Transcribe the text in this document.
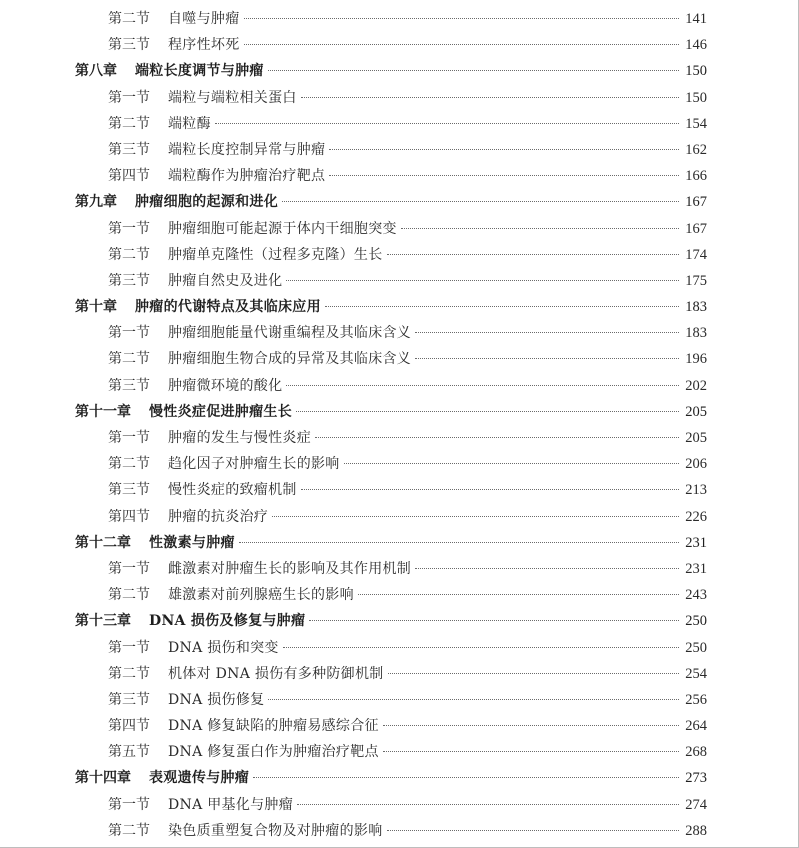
第二节 自噬与肿瘤	141
第三节 程序性坏死	146
第八章 端粒长度调节与肿瘤	150
第一节 端粒与端粒相关蛋白	150
第二节 端粒酶	154
第三节 端粒长度控制异常与肿瘤	162
第四节 端粒酶作为肿瘤治疗靶点	166
第九章 肿瘤细胞的起源和进化	167
第一节 肿瘤细胞可能起源于体内干细胞突变	167
第二节 肿瘤单克隆性（过程多克隆）生长	174
第三节 肿瘤自然史及进化	175
第十章 肿瘤的代谢特点及其临床应用	183
第一节 肿瘤细胞能量代谢重编程及其临床含义	183
第二节 肿瘤细胞生物合成的异常及其临床含义	196
第三节 肿瘤微环境的酸化	202
第十一章 慢性炎症促进肿瘤生长	205
第一节 肿瘤的发生与慢性炎症	205
第二节 趋化因子对肿瘤生长的影响	206
第三节 慢性炎症的致瘤机制	213
第四节 肿瘤的抗炎治疗	226
第十二章 性激素与肿瘤	231
第一节 雌激素对肿瘤生长的影响及其作用机制	231
第二节 雄激素对前列腺癌生长的影响	243
第十三章 DNA 损伤及修复与肿瘤	250
第一节 DNA 损伤和突变	250
第二节 机体对 DNA 损伤有多种防御机制	254
第三节 DNA 损伤修复	256
第四节 DNA 修复缺陷的肿瘤易感综合征	264
第五节 DNA 修复蛋白作为肿瘤治疗靶点	268
第十四章 表观遗传与肿瘤	273
第一节 DNA 甲基化与肿瘤	274
第二节 染色质重塑复合物及对肿瘤的影响	288
